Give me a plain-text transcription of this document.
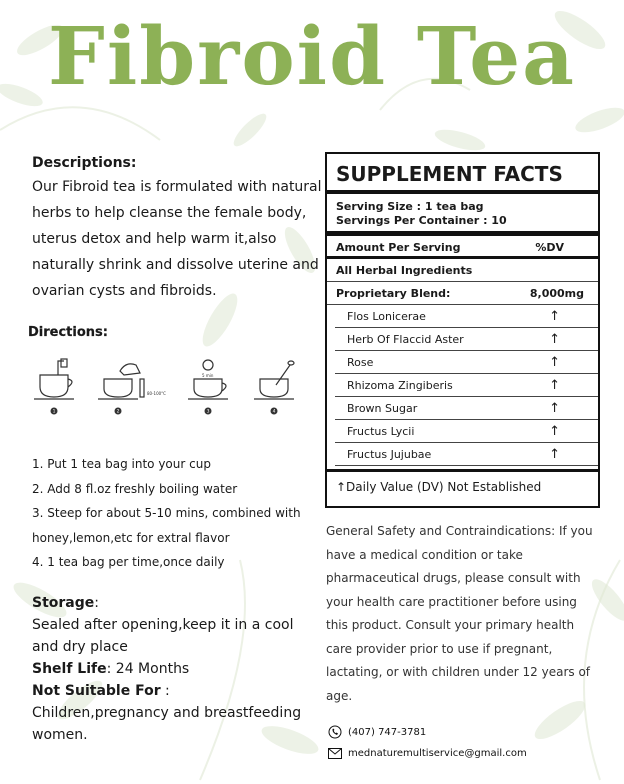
Fibroid Tea
Descriptions:
Our Fibroid tea is formulated with natural herbs to help cleanse the female body, uterus detox and help warm it,also naturally shrink and dissolve uterine and ovarian cysts and fibroids.
Directions:
5 min
80-100°C
1	2	3	4
1. Put 1 tea bag into your cup
2. Add 8 fl.oz freshly boiling water
3. Steep for about 5-10 mins, combined with
honey,lemon,etc for extral flavor
4. 1 tea bag per time,once daily
Storage:
Sealed after opening,keep it in a cool and dry place
Shelf Life: 24 Months
Not Suitable For :
Children,pregnancy and breastfeeding women.
SUPPLEMENT FACTS
Serving Size : 1 tea bag
Servings Per Container : 10
Amount Per Serving	%DV
All Herbal Ingredients
Proprietary Blend:	8,000mg
Flos Lonicerae	↑
Herb Of Flaccid Aster	↑
Rose	↑
Rhizoma Zingiberis	↑
Brown Sugar	↑
Fructus Lycii	↑
Fructus Jujubae	↑
↑Daily Value (DV) Not Established
General Safety and Contraindications: If you have a medical condition or take pharmaceutical drugs, please consult with your health care practitioner before using this product. Consult your primary health care provider prior to use if pregnant, lactating, or with children under 12 years of age.
(407) 747-3781
mednaturemultiservice@gmail.com
